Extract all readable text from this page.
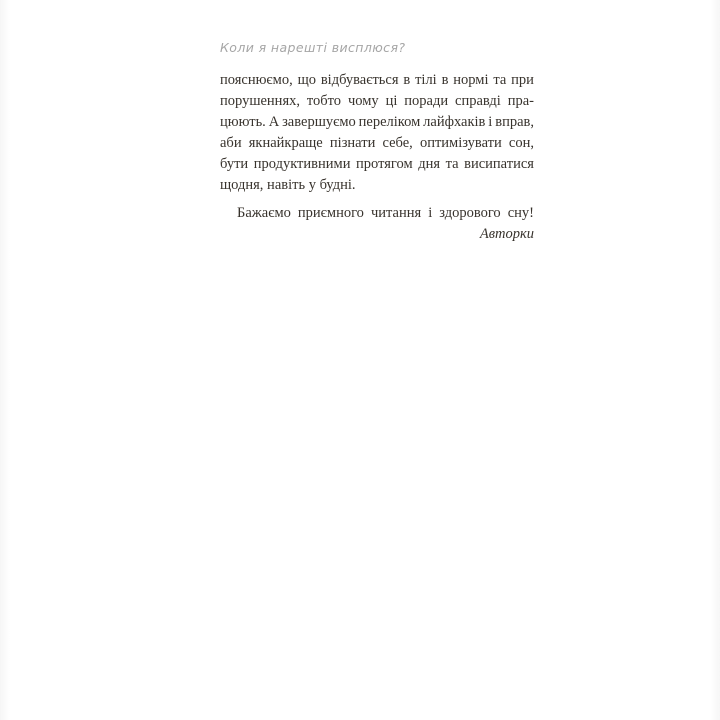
Коли я нарешті висплюся?
пояснюємо, що відбувається в тілі в нормі та при
порушеннях, тобто чому ці поради справді пра-
цюють. А завершуємо переліком лайфхаків і вправ,
аби якнайкраще пізнати себе, оптимізувати сон,
бути продуктивними протягом дня та висипатися
щодня, навіть у будні.
Бажаємо приємного читання і здорового сну!
Авторки
